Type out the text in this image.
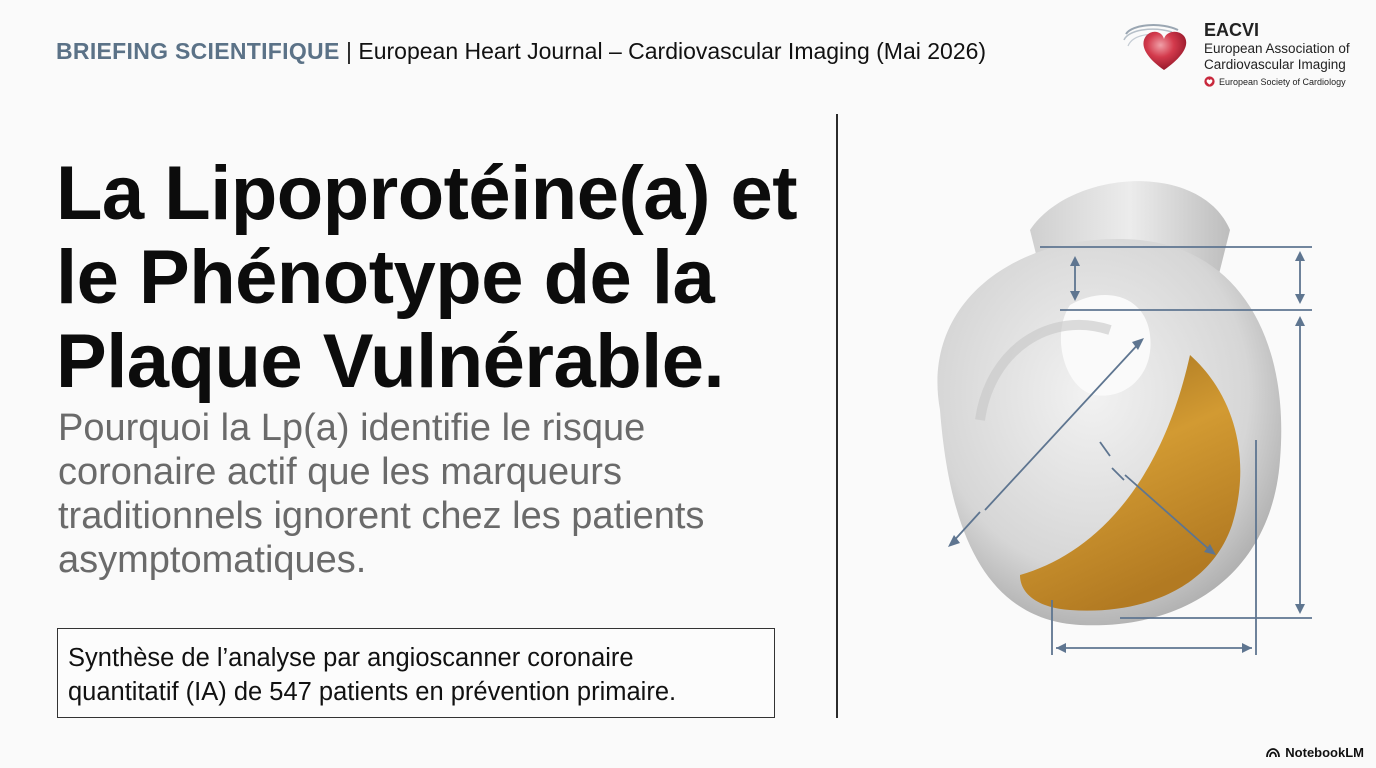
BRIEFING SCIENTIFIQUE | European Heart Journal – Cardiovascular Imaging (Mai 2026)
EACVI
European Association of
Cardiovascular Imaging
European Society of Cardiology
La Lipoprotéine(a) et
le Phénotype de la
Plaque Vulnérable.

Pourquoi la Lp(a) identifie le risque
coronaire actif que les marqueurs
traditionnels ignorent chez les patients
asymptomatiques.

Synthèse de l’analyse par angioscanner coronaire
quantitatif (IA) de 547 patients en prévention primaire.
NotebookLM
